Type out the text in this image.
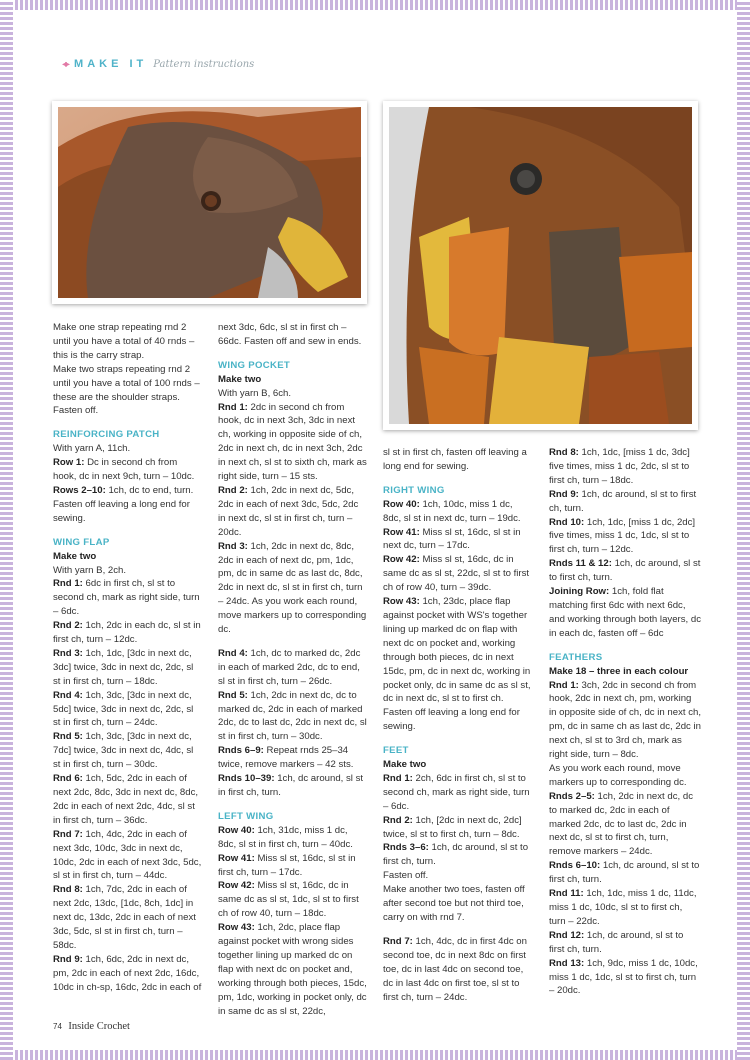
◂▸ MAKE IT Pattern instructions

Make one strap repeating rnd 2 until you have a total of 40 rnds – this is the carry strap.

Make two straps repeating rnd 2 until you have a total of 100 rnds – these are the shoulder straps. Fasten off.

REINFORCING PATCH

With yarn A, 11ch.

Row 1: Dc in second ch from hook, dc in next 9ch, turn – 10dc.

Rows 2–10: 1ch, dc to end, turn. Fasten off leaving a long end for sewing.

WING FLAP

Make two

With yarn B, 2ch.

Rnd 1: 6dc in first ch, sl st to second ch, mark as right side, turn – 6dc.

Rnd 2: 1ch, 2dc in each dc, sl st in first ch, turn – 12dc.

Rnd 3: 1ch, 1dc, [3dc in next dc, 3dc] twice, 3dc in next dc, 2dc, sl st in first ch, turn – 18dc.

Rnd 4: 1ch, 3dc, [3dc in next dc, 5dc] twice, 3dc in next dc, 2dc, sl st in first ch, turn – 24dc.

Rnd 5: 1ch, 3dc, [3dc in next dc, 7dc] twice, 3dc in next dc, 4dc, sl st in first ch, turn – 30dc.

Rnd 6: 1ch, 5dc, 2dc in each of next 2dc, 8dc, 3dc in next dc, 8dc, 2dc in each of next 2dc, 4dc, sl st in first ch, turn – 36dc.

Rnd 7: 1ch, 4dc, 2dc in each of next 3dc, 10dc, 3dc in next dc, 10dc, 2dc in each of next 3dc, 5dc, sl st in first ch, turn – 44dc.

Rnd 8: 1ch, 7dc, 2dc in each of next 2dc, 13dc, [1dc, 8ch, 1dc] in next dc, 13dc, 2dc in each of next 3dc, 5dc, sl st in first ch, turn – 58dc.

Rnd 9: 1ch, 6dc, 2dc in next dc, pm, 2dc in each of next 2dc, 16dc, 10dc in ch-sp, 16dc, 2dc in each of

next 3dc, 6dc, sl st in first ch – 66dc. Fasten off and sew in ends.

WING POCKET

Make two

With yarn B, 6ch.

Rnd 1: 2dc in second ch from hook, dc in next 3ch, 3dc in next ch, working in opposite side of ch, 2dc in next ch, dc in next 3ch, 2dc in next ch, sl st to sixth ch, mark as right side, turn – 15 sts.

Rnd 2: 1ch, 2dc in next dc, 5dc, 2dc in each of next 3dc, 5dc, 2dc in next dc, sl st in first ch, turn – 20dc.

Rnd 3: 1ch, 2dc in next dc, 8dc, 2dc in each of next dc, pm, 1dc, pm, dc in same dc as last dc, 8dc, 2dc in next dc, sl st in first ch, turn – 24dc. As you work each round, move markers up to corresponding dc.

Rnd 4: 1ch, dc to marked dc, 2dc in each of marked 2dc, dc to end, sl st in first ch, turn – 26dc.

Rnd 5: 1ch, 2dc in next dc, dc to marked dc, 2dc in each of marked 2dc, dc to last dc, 2dc in next dc, sl st in first ch, turn – 30dc.

Rnds 6–9: Repeat rnds 25–34 twice, remove markers – 42 sts.

Rnds 10–39: 1ch, dc around, sl st in first ch, turn.

LEFT WING

Row 40: 1ch, 31dc, miss 1 dc, 8dc, sl st in first ch, turn – 40dc.

Row 41: Miss sl st, 16dc, sl st in first ch, turn – 17dc.

Row 42: Miss sl st, 16dc, dc in same dc as sl st, 1dc, sl st to first ch of row 40, turn – 18dc.

Row 43: 1ch, 2dc, place flap against pocket with wrong sides together lining up marked dc on flap with next dc on pocket and, working through both pieces, 15dc, pm, 1dc, working in pocket only, dc in same dc as sl st, 22dc,

sl st in first ch, fasten off leaving a long end for sewing.

RIGHT WING

Row 40: 1ch, 10dc, miss 1 dc, 8dc, sl st in next dc, turn – 19dc.

Row 41: Miss sl st, 16dc, sl st in next dc, turn – 17dc.

Row 42: Miss sl st, 16dc, dc in same dc as sl st, 22dc, sl st to first ch of row 40, turn – 39dc.

Row 43: 1ch, 23dc, place flap against pocket with WS's together lining up marked dc on flap with next dc on pocket and, working through both pieces, dc in next 15dc, pm, dc in next dc, working in pocket only, dc in same dc as sl st, dc in next dc, sl st to first ch. Fasten off leaving a long end for sewing.

FEET

Make two

Rnd 1: 2ch, 6dc in first ch, sl st to second ch, mark as right side, turn – 6dc.

Rnd 2: 1ch, [2dc in next dc, 2dc] twice, sl st to first ch, turn – 8dc.

Rnds 3–6: 1ch, dc around, sl st to first ch, turn.

Fasten off.

Make another two toes, fasten off after second toe but not third toe, carry on with rnd 7.

Rnd 7: 1ch, 4dc, dc in first 4dc on second toe, dc in next 8dc on first toe, dc in last 4dc on second toe, dc in last 4dc on first toe, sl st to first ch, turn – 24dc.

Rnd 8: 1ch, 1dc, [miss 1 dc, 3dc] five times, miss 1 dc, 2dc, sl st to first ch, turn – 18dc.

Rnd 9: 1ch, dc around, sl st to first ch, turn.

Rnd 10: 1ch, 1dc, [miss 1 dc, 2dc] five times, miss 1 dc, 1dc, sl st to first ch, turn – 12dc.

Rnds 11 & 12: 1ch, dc around, sl st to first ch, turn.

Joining Row: 1ch, fold flat matching first 6dc with next 6dc, and working through both layers, dc in each dc, fasten off – 6dc

FEATHERS

Make 18 – three in each colour

Rnd 1: 3ch, 2dc in second ch from hook, 2dc in next ch, pm, working in opposite side of ch, dc in next ch, pm, dc in same ch as last dc, 2dc in next ch, sl st to 3rd ch, mark as right side, turn – 8dc.

As you work each round, move markers up to corresponding dc.

Rnds 2–5: 1ch, 2dc in next dc, dc to marked dc, 2dc in each of marked 2dc, dc to last dc, 2dc in next dc, sl st to first ch, turn, remove markers – 24dc.

Rnds 6–10: 1ch, dc around, sl st to first ch, turn.

Rnd 11: 1ch, 1dc, miss 1 dc, 11dc, miss 1 dc, 10dc, sl st to first ch, turn – 22dc.

Rnd 12: 1ch, dc around, sl st to first ch, turn.

Rnd 13: 1ch, 9dc, miss 1 dc, 10dc, miss 1 dc, 1dc, sl st to first ch, turn – 20dc.

74 Inside Crochet
